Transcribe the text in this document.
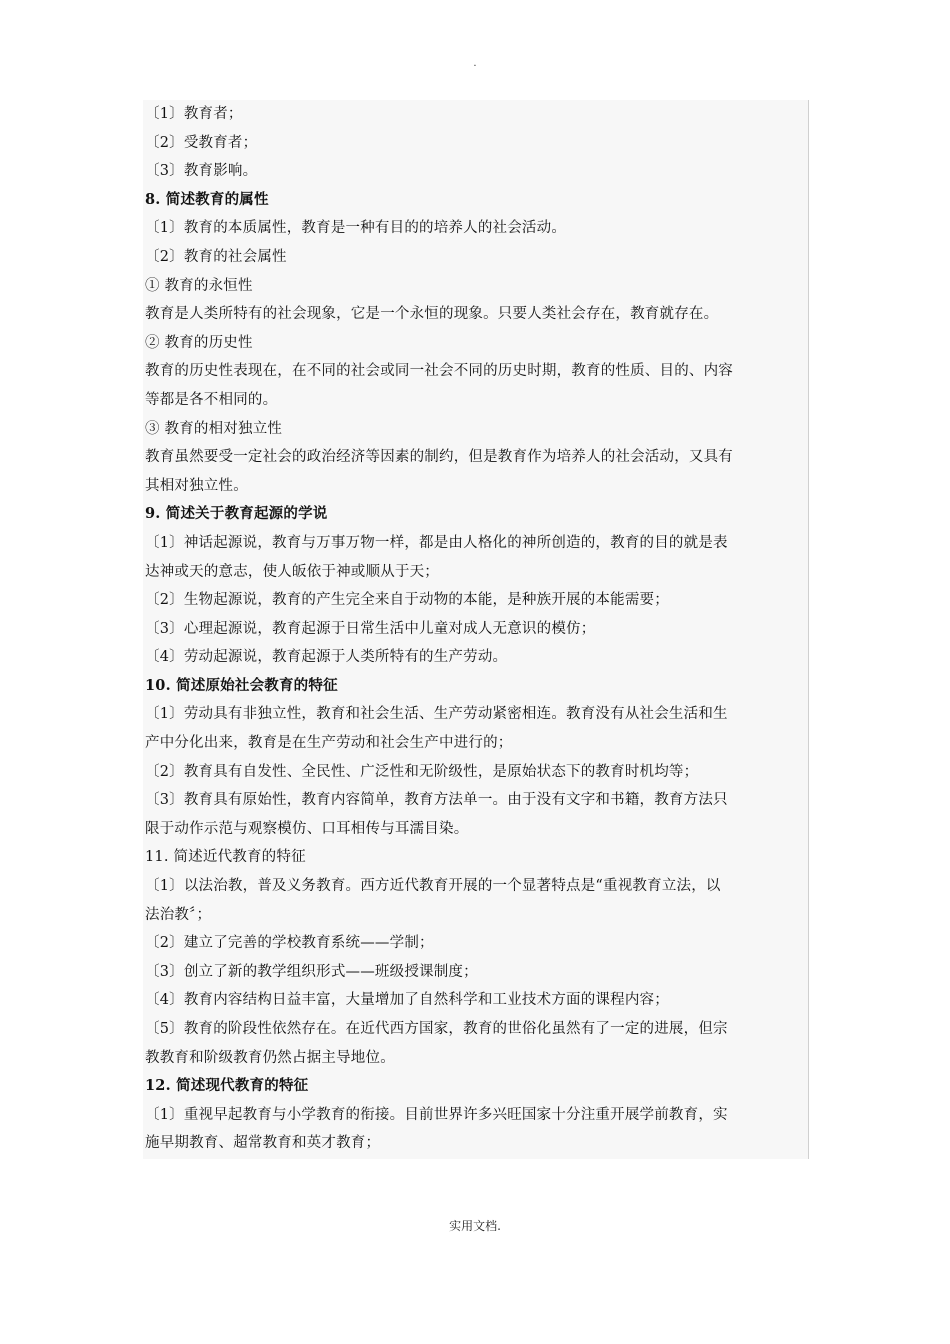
.
〔1〕教育者；
〔2〕受教育者；
〔3〕教育影响。
8. 简述教育的属性
〔1〕教育的本质属性，教育是一种有目的的培养人的社会活动。
〔2〕教育的社会属性
① 教育的永恒性
教育是人类所特有的社会现象，它是一个永恒的现象。只要人类社会存在，教育就存在。
② 教育的历史性
教育的历史性表现在，在不同的社会或同一社会不同的历史时期，教育的性质、目的、内容
等都是各不相同的。
③ 教育的相对独立性
教育虽然要受一定社会的政治经济等因素的制约，但是教育作为培养人的社会活动，又具有
其相对独立性。
9. 简述关于教育起源的学说
〔1〕神话起源说，教育与万事万物一样，都是由人格化的神所创造的，教育的目的就是表
达神或天的意志，使人皈依于神或顺从于天；
〔2〕生物起源说，教育的产生完全来自于动物的本能，是种族开展的本能需要；
〔3〕心理起源说，教育起源于日常生活中儿童对成人无意识的模仿；
〔4〕劳动起源说，教育起源于人类所特有的生产劳动。
10. 简述原始社会教育的特征
〔1〕劳动具有非独立性，教育和社会生活、生产劳动紧密相连。教育没有从社会生活和生
产中分化出来，教育是在生产劳动和社会生产中进行的；
〔2〕教育具有自发性、全民性、广泛性和无阶级性，是原始状态下的教育时机均等；
〔3〕教育具有原始性，教育内容简单，教育方法单一。由于没有文字和书籍，教育方法只
限于动作示范与观察模仿、口耳相传与耳濡目染。
11. 简述近代教育的特征
〔1〕以法治教，普及义务教育。西方近代教育开展的一个显著特点是“重视教育立法，以
法治教〞；
〔2〕建立了完善的学校教育系统——学制；
〔3〕创立了新的教学组织形式——班级授课制度；
〔4〕教育内容结构日益丰富，大量增加了自然科学和工业技术方面的课程内容；
〔5〕教育的阶段性依然存在。在近代西方国家，教育的世俗化虽然有了一定的进展，但宗
教教育和阶级教育仍然占据主导地位。
12. 简述现代教育的特征
〔1〕重视早起教育与小学教育的衔接。目前世界许多兴旺国家十分注重开展学前教育，实
施早期教育、超常教育和英才教育；
实用文档.
